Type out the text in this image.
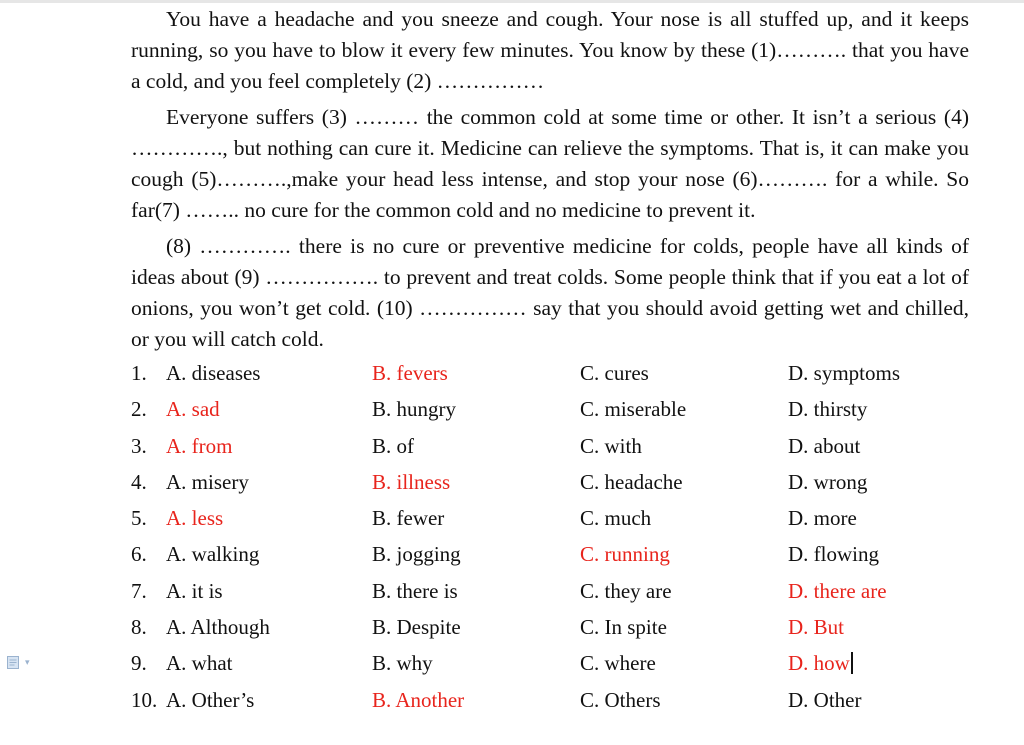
You have a headache and you sneeze and cough. Your nose is all stuffed up, and it keeps running, so you have to blow it every few minutes. You know by these (1)………. that you have a cold, and you feel completely (2) ……………

Everyone suffers (3) ……… the common cold at some time or other. It isn’t a serious (4) …………., but nothing can cure it. Medicine can relieve the symptoms. That is, it can make you cough (5)……….,make your head less intense, and stop your nose (6)………. for a while. So far(7) …….. no cure for the common cold and no medicine to prevent it.

(8) …………. there is no cure or preventive medicine for colds, people have all kinds of ideas about (9) ……………. to prevent and treat colds. Some people think that if you eat a lot of onions, you won’t get cold. (10) …………… say that you should avoid getting wet and chilled, or you will catch cold.

1. A. diseases	B. fevers	C. cures	D. symptoms
2. A. sad	B. hungry	C. miserable	D. thirsty
3. A. from	B. of	C. with	D. about
4. A. misery	B. illness	C. headache	D. wrong
5. A. less	B. fewer	C. much	D. more
6. A. walking	B. jogging	C. running	D. flowing
7. A. it is	B. there is	C. they are	D. there are
8. A. Although	B. Despite	C. In spite	D. But
9. A. what	B. why	C. where	D. how
10. A. Other’s	B. Another	C. Others	D. Other
▾
